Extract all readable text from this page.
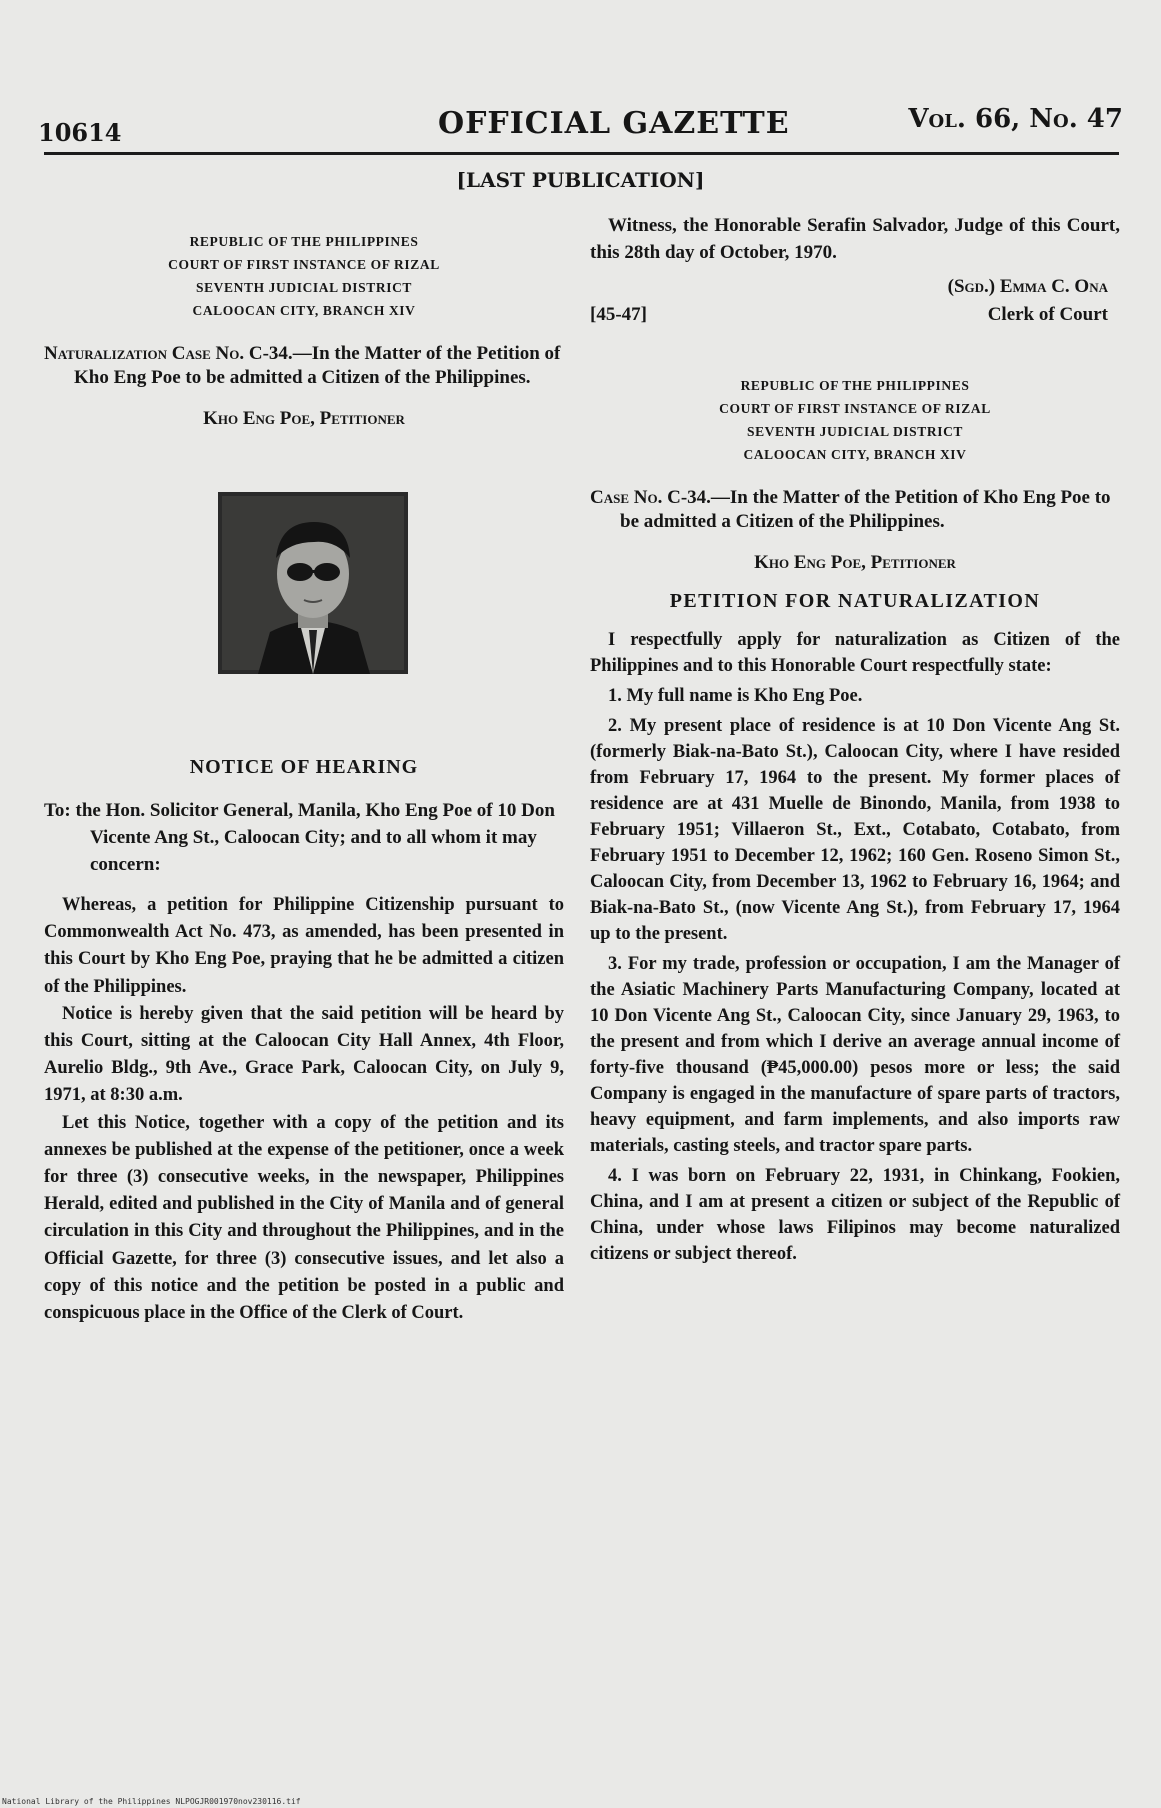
10614	OFFICIAL GAZETTE	Vol. 66, No. 47
[LAST PUBLICATION]
REPUBLIC OF THE PHILIPPINES
COURT OF FIRST INSTANCE OF RIZAL
SEVENTH JUDICIAL DISTRICT
CALOOCAN CITY, BRANCH XIV

Naturalization Case No. C-34.—In the Matter of the Petition of Kho Eng Poe to be admitted a Citizen of the Philippines.

Kho Eng Poe, Petitioner
NOTICE OF HEARING

To: the Hon. Solicitor General, Manila, Kho Eng Poe of 10 Don Vicente Ang St., Caloocan City; and to all whom it may concern:

Whereas, a petition for Philippine Citizenship pursuant to Commonwealth Act No. 473, as amended, has been presented in this Court by Kho Eng Poe, praying that he be admitted a citizen of the Philippines.

Notice is hereby given that the said petition will be heard by this Court, sitting at the Caloocan City Hall Annex, 4th Floor, Aurelio Bldg., 9th Ave., Grace Park, Caloocan City, on July 9, 1971, at 8:30 a.m.

Let this Notice, together with a copy of the petition and its annexes be published at the expense of the petitioner, once a week for three (3) consecutive weeks, in the newspaper, Philippines Herald, edited and published in the City of Manila and of general circulation in this City and throughout the Philippines, and in the Official Gazette, for three (3) consecutive issues, and let also a copy of this notice and the petition be posted in a public and conspicuous place in the Office of the Clerk of Court.

Witness, the Honorable Serafin Salvador, Judge of this Court, this 28th day of October, 1970.

(Sgd.) Emma C. Ona
Clerk of Court
[45-47]
REPUBLIC OF THE PHILIPPINES
COURT OF FIRST INSTANCE OF RIZAL
SEVENTH JUDICIAL DISTRICT
CALOOCAN CITY, BRANCH XIV

Case No. C-34.—In the Matter of the Petition of Kho Eng Poe to be admitted a Citizen of the Philippines.

Kho Eng Poe, Petitioner
PETITION FOR NATURALIZATION

I respectfully apply for naturalization as Citizen of the Philippines and to this Honorable Court respectfully state:

1. My full name is Kho Eng Poe.

2. My present place of residence is at 10 Don Vicente Ang St. (formerly Biak-na-Bato St.), Caloocan City, where I have resided from February 17, 1964 to the present. My former places of residence are at 431 Muelle de Binondo, Manila, from 1938 to February 1951; Villaeron St., Ext., Cotabato, Cotabato, from February 1951 to December 12, 1962; 160 Gen. Roseno Simon St., Caloocan City, from December 13, 1962 to February 16, 1964; and Biak-na-Bato St., (now Vicente Ang St.), from February 17, 1964 up to the present.

3. For my trade, profession or occupation, I am the Manager of the Asiatic Machinery Parts Manufacturing Company, located at 10 Don Vicente Ang St., Caloocan City, since January 29, 1963, to the present and from which I derive an average annual income of forty-five thousand (₱45,000.00) pesos more or less; the said Company is engaged in the manufacture of spare parts of tractors, heavy equipment, and farm implements, and also imports raw materials, casting steels, and tractor spare parts.

4. I was born on February 22, 1931, in Chinkang, Fookien, China, and I am at present a citizen or subject of the Republic of China, under whose laws Filipinos may become naturalized citizens or subject thereof.

National Library of the Philippines NLPOGJR001970nov230116.tif
